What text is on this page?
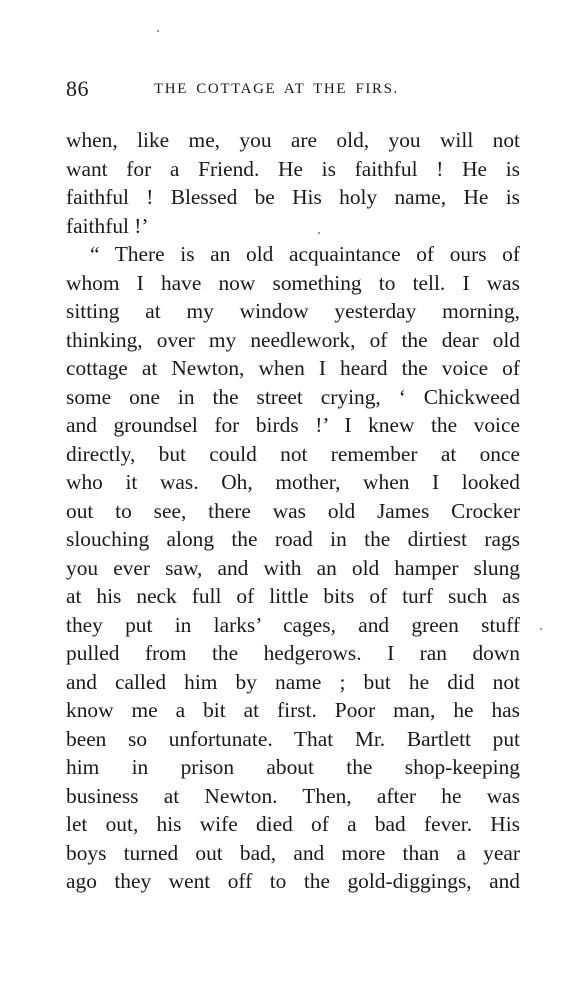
86	THE COTTAGE AT THE FIRS.
when, like me, you are old, you will not
want for a Friend. He is faithful ! He is
faithful ! Blessed be His holy name, He is
faithful !’
“ There is an old acquaintance of ours of
whom I have now something to tell. I was
sitting at my window yesterday morning,
thinking, over my needlework, of the dear old
cottage at Newton, when I heard the voice of
some one in the street crying, ‘ Chickweed
and groundsel for birds !’ I knew the voice
directly, but could not remember at once
who it was. Oh, mother, when I looked
out to see, there was old James Crocker
slouching along the road in the dirtiest rags
you ever saw, and with an old hamper slung
at his neck full of little bits of turf such as
they put in larks’ cages, and green stuff
pulled from the hedgerows. I ran down
and called him by name ; but he did not
know me a bit at first. Poor man, he has
been so unfortunate. That Mr. Bartlett put
him in prison about the shop-keeping
business at Newton. Then, after he was
let out, his wife died of a bad fever. His
boys turned out bad, and more than a year
ago they went off to the gold-diggings, and
